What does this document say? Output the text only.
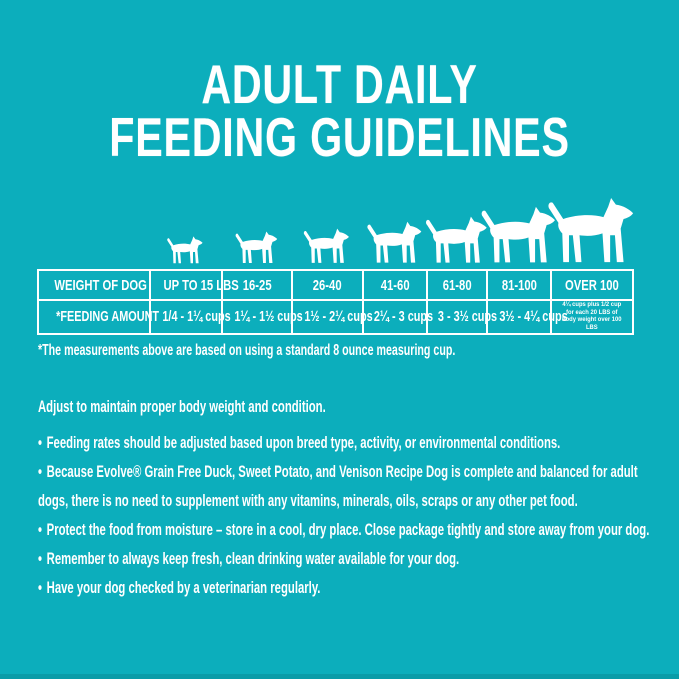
ADULT DAILY
FEEDING GUIDELINES
WEIGHT OF DOG	UP TO 15 LBS	16-25	26-40	41-60	61-80	81-100	OVER 100
*FEEDING AMOUNT	1/4 - 1¼ cups	1¼ - 1½ cups	1½ - 2¼ cups	2¼ - 3 cups	3 - 3½ cups	3½ - 4¼ cups	4¼ cups plus 1/2 cup for each 20 LBS of body weight over 100 LBS
*The measurements above are based on using a standard 8 ounce measuring cup.
Adjust to maintain proper body weight and condition.
• Feeding rates should be adjusted based upon breed type, activity, or environmental conditions.
• Because Evolve® Grain Free Duck, Sweet Potato, and Venison Recipe Dog is complete and balanced for adult dogs, there is no need to supplement with any vitamins, minerals, oils, scraps or any other pet food.
• Protect the food from moisture – store in a cool, dry place. Close package tightly and store away from your dog.
• Remember to always keep fresh, clean drinking water available for your dog.
• Have your dog checked by a veterinarian regularly.
